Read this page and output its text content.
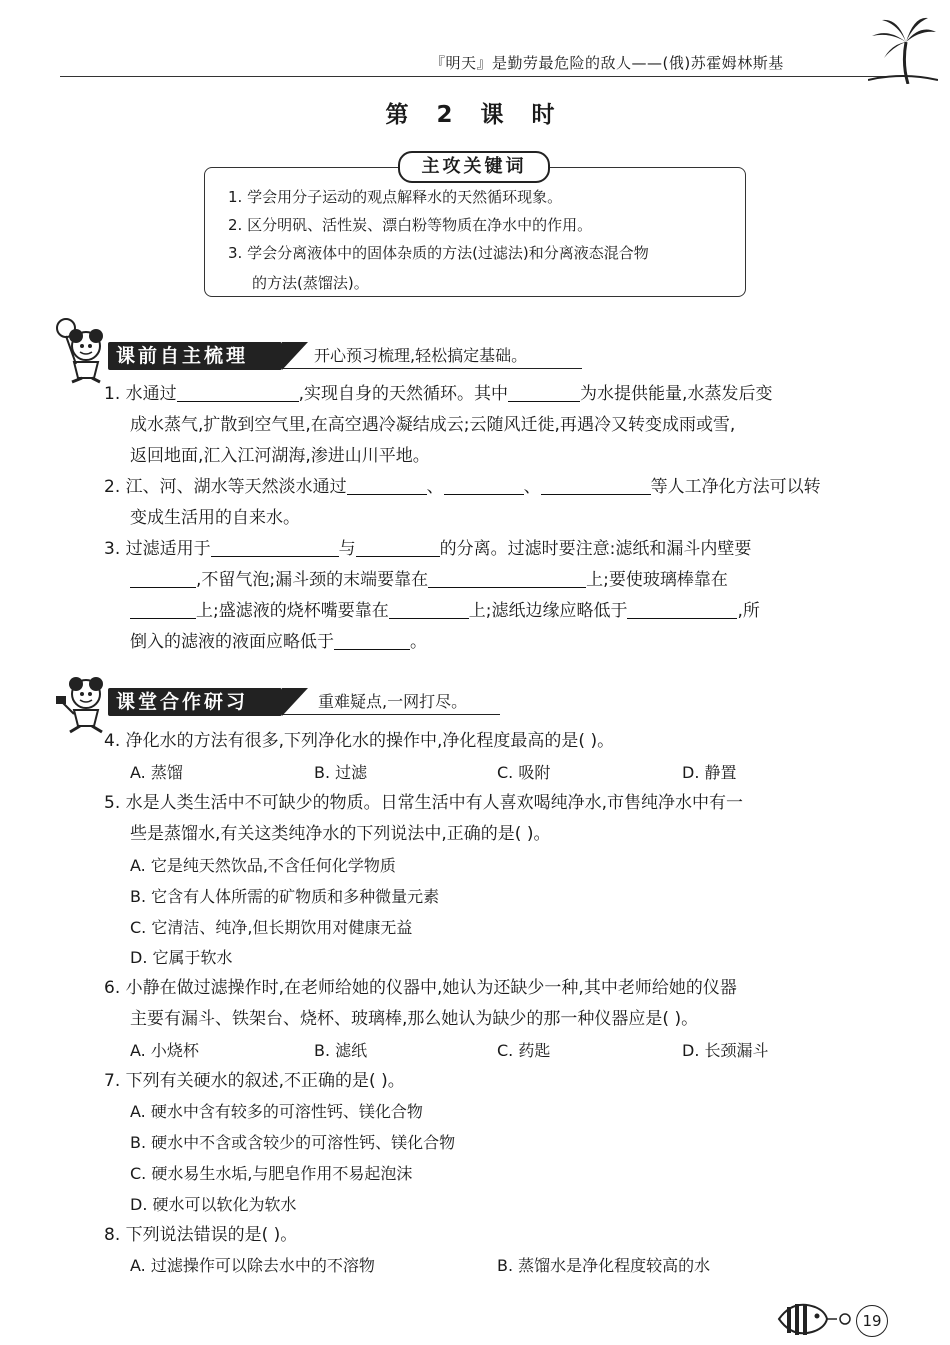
『明天』是勤劳最危险的敌人——(俄)苏霍姆林斯基
第 2 课 时
主攻关键词
1. 学会用分子运动的观点解释水的天然循环现象。
2. 区分明矾、活性炭、漂白粉等物质在净水中的作用。
3. 学会分离液体中的固体杂质的方法(过滤法)和分离液态混合物
的方法(蒸馏法)。
课前自主梳理	开心预习梳理,轻松搞定基础。
1. 水通过	,实现自身的天然循环。其中	为水提供能量,水蒸发后变
成水蒸气,扩散到空气里,在高空遇冷凝结成云;云随风迁徙,再遇冷又转变成雨或雪,
返回地面,汇入江河湖海,渗进山川平地。
2. 江、河、湖水等天然淡水通过	、	、	等人工净化方法可以转
变成生活用的自来水。
3. 过滤适用于	与	的分离。过滤时要注意:滤纸和漏斗内壁要
,不留气泡;漏斗颈的末端要靠在	上;要使玻璃棒靠在
上;盛滤液的烧杯嘴要靠在	上;滤纸边缘应略低于	,所
倒入的滤液的液面应略低于	。
课堂合作研习	重难疑点,一网打尽。
4. 净化水的方法有很多,下列净化水的操作中,净化程度最高的是( )。
A. 蒸馏	B. 过滤	C. 吸附	D. 静置
5. 水是人类生活中不可缺少的物质。日常生活中有人喜欢喝纯净水,市售纯净水中有一
些是蒸馏水,有关这类纯净水的下列说法中,正确的是( )。
A. 它是纯天然饮品,不含任何化学物质
B. 它含有人体所需的矿物质和多种微量元素
C. 它清洁、纯净,但长期饮用对健康无益
D. 它属于软水
6. 小静在做过滤操作时,在老师给她的仪器中,她认为还缺少一种,其中老师给她的仪器
主要有漏斗、铁架台、烧杯、玻璃棒,那么她认为缺少的那一种仪器应是( )。
A. 小烧杯	B. 滤纸	C. 药匙	D. 长颈漏斗
7. 下列有关硬水的叙述,不正确的是( )。
A. 硬水中含有较多的可溶性钙、镁化合物
B. 硬水中不含或含较少的可溶性钙、镁化合物
C. 硬水易生水垢,与肥皂作用不易起泡沫
D. 硬水可以软化为软水
8. 下列说法错误的是( )。
A. 过滤操作可以除去水中的不溶物	B. 蒸馏水是净化程度较高的水
19
